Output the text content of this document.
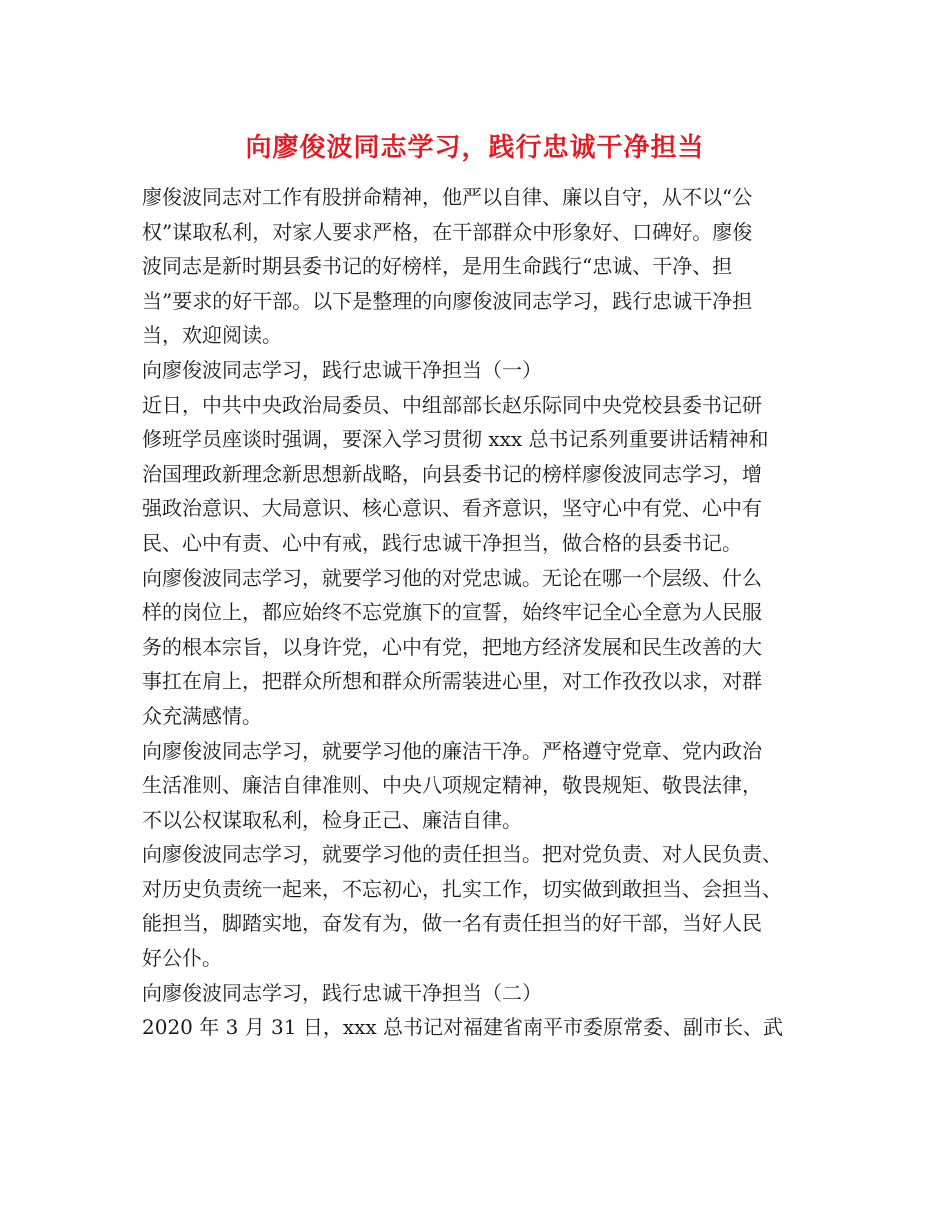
向廖俊波同志学习，践行忠诚干净担当
廖俊波同志对工作有股拼命精神，他严以自律、廉以自守，从不以“公
权”谋取私利，对家人要求严格，在干部群众中形象好、口碑好。廖俊
波同志是新时期县委书记的好榜样，是用生命践行“忠诚、干净、担
当”要求的好干部。以下是整理的向廖俊波同志学习，践行忠诚干净担
当，欢迎阅读。
向廖俊波同志学习，践行忠诚干净担当（一）
近日，中共中央政治局委员、中组部部长赵乐际同中央党校县委书记研
修班学员座谈时强调，要深入学习贯彻 xxx 总书记系列重要讲话精神和
治国理政新理念新思想新战略，向县委书记的榜样廖俊波同志学习，增
强政治意识、大局意识、核心意识、看齐意识，坚守心中有党、心中有
民、心中有责、心中有戒，践行忠诚干净担当，做合格的县委书记。
向廖俊波同志学习，就要学习他的对党忠诚。无论在哪一个层级、什么
样的岗位上，都应始终不忘党旗下的宣誓，始终牢记全心全意为人民服
务的根本宗旨，以身许党，心中有党，把地方经济发展和民生改善的大
事扛在肩上，把群众所想和群众所需装进心里，对工作孜孜以求，对群
众充满感情。
向廖俊波同志学习，就要学习他的廉洁干净。严格遵守党章、党内政治
生活准则、廉洁自律准则、中央八项规定精神，敬畏规矩、敬畏法律，
不以公权谋取私利，检身正己、廉洁自律。
向廖俊波同志学习，就要学习他的责任担当。把对党负责、对人民负责、
对历史负责统一起来，不忘初心，扎实工作，切实做到敢担当、会担当、
能担当，脚踏实地，奋发有为，做一名有责任担当的好干部，当好人民
好公仆。
向廖俊波同志学习，践行忠诚干净担当（二）
2020 年 3 月 31 日，xxx 总书记对福建省南平市委原常委、副市长、武
